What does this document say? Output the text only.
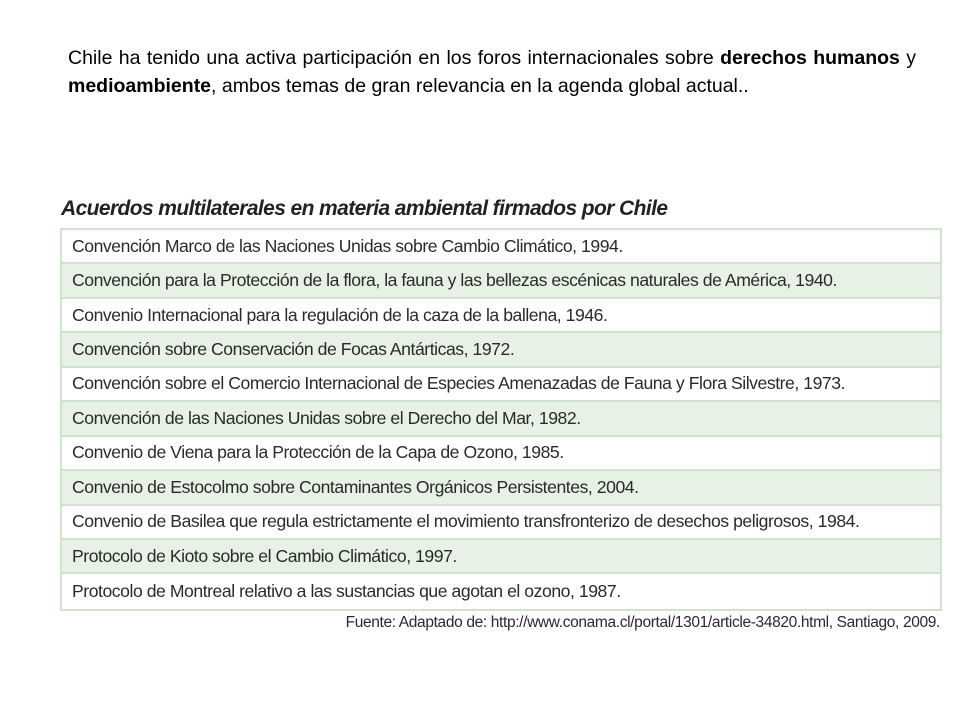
Chile ha tenido una activa participación en los foros internacionales sobre derechos humanos y medioambiente, ambos temas de gran relevancia en la agenda global actual..

Acuerdos multilaterales en materia ambiental firmados por Chile
Convención Marco de las Naciones Unidas sobre Cambio Climático, 1994.
Convención para la Protección de la flora, la fauna y las bellezas escénicas naturales de América, 1940.
Convenio Internacional para la regulación de la caza de la ballena, 1946.
Convención sobre Conservación de Focas Antárticas, 1972.
Convención sobre el Comercio Internacional de Especies Amenazadas de Fauna y Flora Silvestre, 1973.
Convención de las Naciones Unidas sobre el Derecho del Mar, 1982.
Convenio de Viena para la Protección de la Capa de Ozono, 1985.
Convenio de Estocolmo sobre Contaminantes Orgánicos Persistentes, 2004.
Convenio de Basilea que regula estrictamente el movimiento transfronterizo de desechos peligrosos, 1984.
Protocolo de Kioto sobre el Cambio Climático, 1997.
Protocolo de Montreal relativo a las sustancias que agotan el ozono, 1987.

Fuente: Adaptado de: http://www.conama.cl/portal/1301/article-34820.html, Santiago, 2009.
